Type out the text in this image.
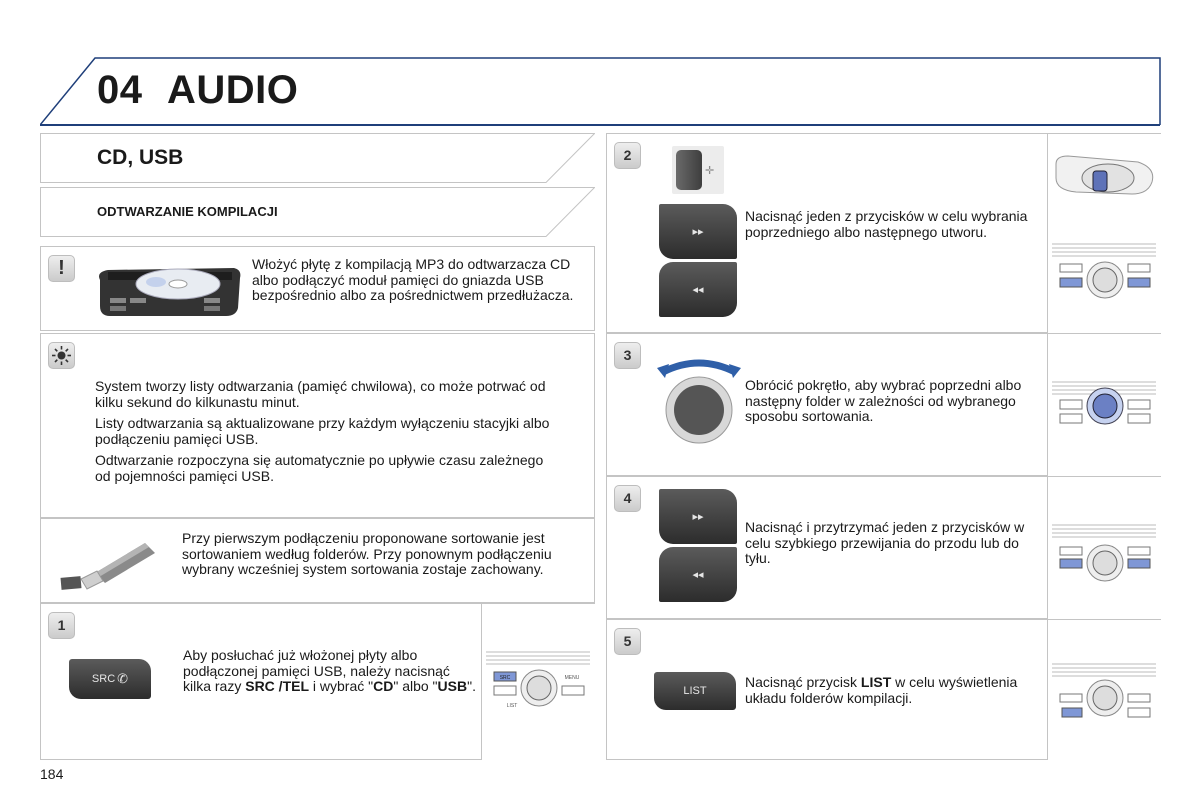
04 AUDIO
CD, USB
ODTWARZANIE KOMPILACJI
!	Włożyć płytę z kompilacją MP3 do odtwarzacza CD albo podłączyć moduł pamięci do gniazda USB bezpośrednio albo za pośrednictwem przedłużacza.

System tworzy listy odtwarzania (pamięć chwilowa), co może potrwać od kilku sekund do kilkunastu minut.

Listy odtwarzania są aktualizowane przy każdym wyłączeniu stacyjki albo podłączeniu pamięci USB.

Odtwarzanie rozpoczyna się automatycznie po upływie czasu zależnego od pojemności pamięci USB.

Przy pierwszym podłączeniu proponowane sortowanie jest sortowaniem według folderów. Przy ponownym podłączeniu wybrany wcześniej system sortowania zostaje zachowany.
1
SRC ✆
Aby posłuchać już włożonej płyty albo podłączonej pamięci USB, należy nacisnąć kilka razy SRC /TEL i wybrać "CD" albo "USB".	SRC	MENU
LIST
2
✛
▸▸
◂◂
Nacisnąć jeden z przycisków w celu wybrania poprzedniego albo następnego utworu.
3
Obrócić pokrętło, aby wybrać poprzedni albo następny folder w zależności od wybranego sposobu sortowania.
4
▸▸
◂◂
Nacisnąć i przytrzymać jeden z przycisków w celu szybkiego przewijania do przodu lub do tyłu.
5
LIST
Nacisnąć przycisk LIST w celu wyświetlenia układu folderów kompilacji.
184
